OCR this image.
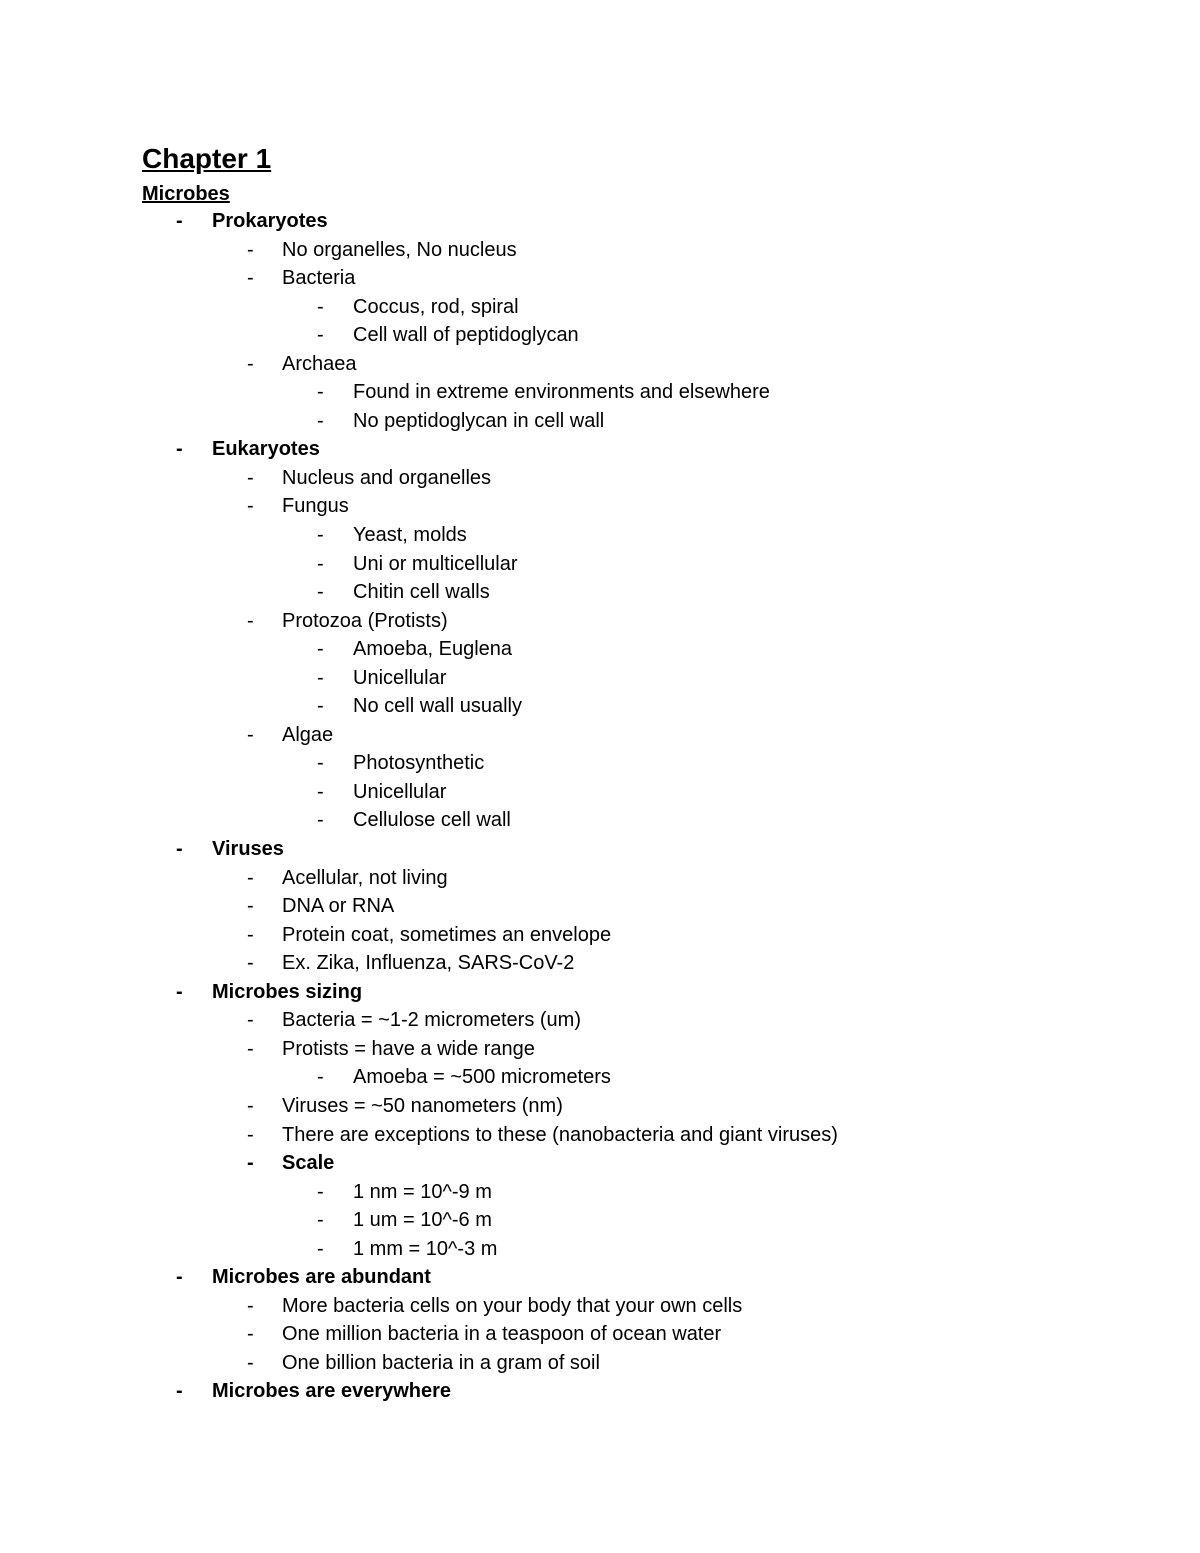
Chapter 1
Microbes
- Prokaryotes
- No organelles, No nucleus
- Bacteria
- Coccus, rod, spiral
- Cell wall of peptidoglycan
- Archaea
- Found in extreme environments and elsewhere
- No peptidoglycan in cell wall
- Eukaryotes
- Nucleus and organelles
- Fungus
- Yeast, molds
- Uni or multicellular
- Chitin cell walls
- Protozoa (Protists)
- Amoeba, Euglena
- Unicellular
- No cell wall usually
- Algae
- Photosynthetic
- Unicellular
- Cellulose cell wall
- Viruses
- Acellular, not living
- DNA or RNA
- Protein coat, sometimes an envelope
- Ex. Zika, Influenza, SARS-CoV-2
- Microbes sizing
- Bacteria = ~1-2 micrometers (um)
- Protists = have a wide range
- Amoeba = ~500 micrometers
- Viruses = ~50 nanometers (nm)
- There are exceptions to these (nanobacteria and giant viruses)
- Scale
- 1 nm = 10^-9 m
- 1 um = 10^-6 m
- 1 mm = 10^-3 m
- Microbes are abundant
- More bacteria cells on your body that your own cells
- One million bacteria in a teaspoon of ocean water
- One billion bacteria in a gram of soil
- Microbes are everywhere
